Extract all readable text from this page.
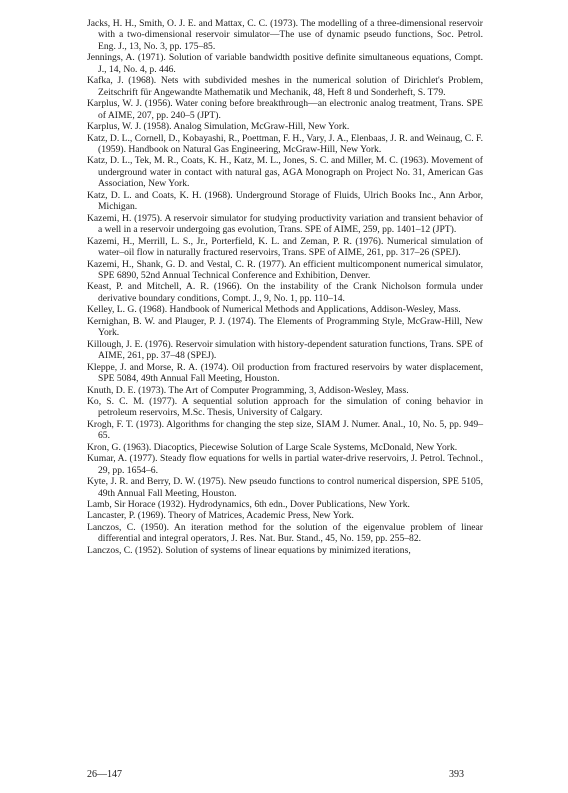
Jacks, H. H., Smith, O. J. E. and Mattax, C. C. (1973). The modelling of a three-dimensional reservoir with a two-dimensional reservoir simulator—The use of dynamic pseudo functions, Soc. Petrol. Eng. J., 13, No. 3, pp. 175–85.

Jennings, A. (1971). Solution of variable bandwidth positive definite simultaneous equations, Compt. J., 14, No. 4, p. 446.

Kafka, J. (1968). Nets with subdivided meshes in the numerical solution of Dirichlet's Problem, Zeitschrift für Angewandte Mathematik und Mechanik, 48, Heft 8 und Sonderheft, S. T79.

Karplus, W. J. (1956). Water coning before breakthrough—an electronic analog treatment, Trans. SPE of AIME, 207, pp. 240–5 (JPT).

Karplus, W. J. (1958). Analog Simulation, McGraw-Hill, New York.

Katz, D. L., Cornell, D., Kobayashi, R., Poettman, F. H., Vary, J. A., Elenbaas, J. R. and Weinaug, C. F. (1959). Handbook on Natural Gas Engineering, McGraw-Hill, New York.

Katz, D. L., Tek, M. R., Coats, K. H., Katz, M. L., Jones, S. C. and Miller, M. C. (1963). Movement of underground water in contact with natural gas, AGA Monograph on Project No. 31, American Gas Association, New York.

Katz, D. L. and Coats, K. H. (1968). Underground Storage of Fluids, Ulrich Books Inc., Ann Arbor, Michigan.

Kazemi, H. (1975). A reservoir simulator for studying productivity variation and transient behavior of a well in a reservoir undergoing gas evolution, Trans. SPE of AIME, 259, pp. 1401–12 (JPT).

Kazemi, H., Merrill, L. S., Jr., Porterfield, K. L. and Zeman, P. R. (1976). Numerical simulation of water–oil flow in naturally fractured reservoirs, Trans. SPE of AIME, 261, pp. 317–26 (SPEJ).

Kazemi, H., Shank, G. D. and Vestal, C. R. (1977). An efficient multicomponent numerical simulator, SPE 6890, 52nd Annual Technical Conference and Exhibition, Denver.

Keast, P. and Mitchell, A. R. (1966). On the instability of the Crank Nicholson formula under derivative boundary conditions, Compt. J., 9, No. 1, pp. 110–14.

Kelley, L. G. (1968). Handbook of Numerical Methods and Applications, Addison-Wesley, Mass.

Kernighan, B. W. and Plauger, P. J. (1974). The Elements of Programming Style, McGraw-Hill, New York.

Killough, J. E. (1976). Reservoir simulation with history-dependent saturation functions, Trans. SPE of AIME, 261, pp. 37–48 (SPEJ).

Kleppe, J. and Morse, R. A. (1974). Oil production from fractured reservoirs by water displacement, SPE 5084, 49th Annual Fall Meeting, Houston.

Knuth, D. E. (1973). The Art of Computer Programming, 3, Addison-Wesley, Mass.

Ko, S. C. M. (1977). A sequential solution approach for the simulation of coning behavior in petroleum reservoirs, M.Sc. Thesis, University of Calgary.

Krogh, F. T. (1973). Algorithms for changing the step size, SIAM J. Numer. Anal., 10, No. 5, pp. 949–65.

Kron, G. (1963). Diacoptics, Piecewise Solution of Large Scale Systems, McDonald, New York.

Kumar, A. (1977). Steady flow equations for wells in partial water-drive reservoirs, J. Petrol. Technol., 29, pp. 1654–6.

Kyte, J. R. and Berry, D. W. (1975). New pseudo functions to control numerical dispersion, SPE 5105, 49th Annual Fall Meeting, Houston.

Lamb, Sir Horace (1932). Hydrodynamics, 6th edn., Dover Publications, New York.

Lancaster, P. (1969). Theory of Matrices, Academic Press, New York.

Lanczos, C. (1950). An iteration method for the solution of the eigenvalue problem of linear differential and integral operators, J. Res. Nat. Bur. Stand., 45, No. 159, pp. 255–82.

Lanczos, C. (1952). Solution of systems of linear equations by minimized iterations,

26—147	393
